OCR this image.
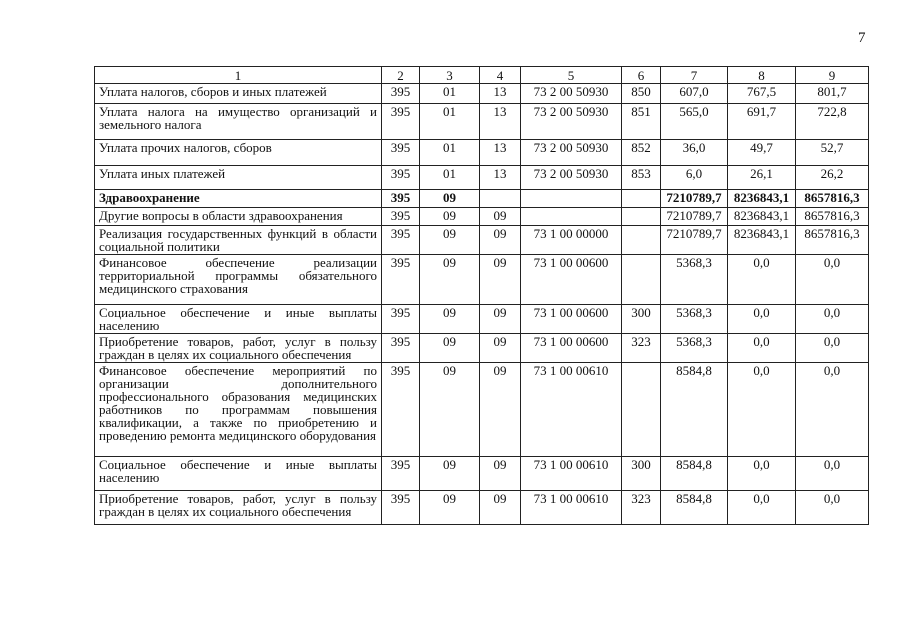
7
1	2	3	4	5	6	7	8	9
Уплата налогов, сборов и иных платежей	395	01	13	73 2 00 50930	850	607,0	767,5	801,7
Уплата налога на имущество организаций и земельного налога	395	01	13	73 2 00 50930	851	565,0	691,7	722,8
Уплата прочих налогов, сборов	395	01	13	73 2 00 50930	852	36,0	49,7	52,7
Уплата иных платежей	395	01	13	73 2 00 50930	853	6,0	26,1	26,2
Здравоохранение	395	09				7210789,7	8236843,1	8657816,3
Другие вопросы в области здравоохранения	395	09	09			7210789,7	8236843,1	8657816,3
Реализация государственных функций в области социальной политики	395	09	09	73 1 00 00000		7210789,7	8236843,1	8657816,3
Финансовое обеспечение реализации территориальной программы обязательного медицинского страхования	395	09	09	73 1 00 00600		5368,3	0,0	0,0
Социальное обеспечение и иные выплаты населению	395	09	09	73 1 00 00600	300	5368,3	0,0	0,0
Приобретение товаров, работ, услуг в пользу граждан в целях их социального обеспечения	395	09	09	73 1 00 00600	323	5368,3	0,0	0,0
Финансовое обеспечение мероприятий по организации дополнительного профессионального образования медицинских работников по программам повышения квалификации, а также по приобретению и проведению ремонта медицинского оборудования	395	09	09	73 1 00 00610		8584,8	0,0	0,0
Социальное обеспечение и иные выплаты населению	395	09	09	73 1 00 00610	300	8584,8	0,0	0,0
Приобретение товаров, работ, услуг в пользу граждан в целях их социального обеспечения	395	09	09	73 1 00 00610	323	8584,8	0,0	0,0
